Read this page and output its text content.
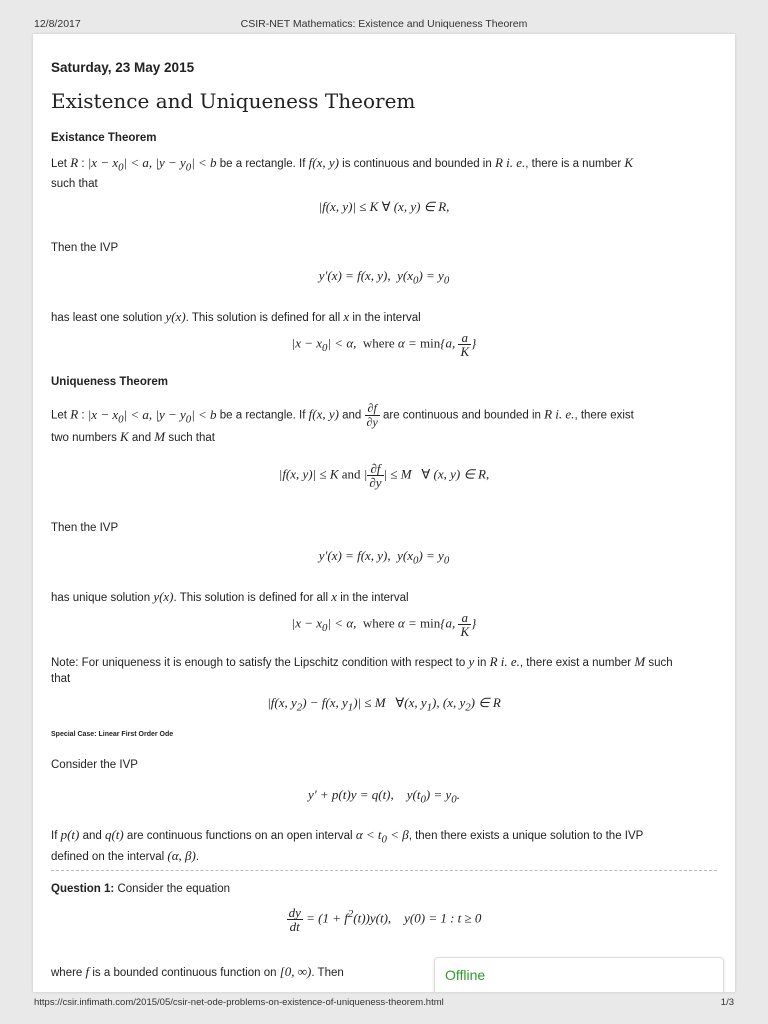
12/8/2017	CSIR-NET Mathematics: Existence and Uniqueness Theorem
Saturday, 23 May 2015
Existence and Uniqueness Theorem
Existance Theorem
Let R : $|x - x_0| < a$, $|y - y_0| < b$ be a rectangle. If f(x, y) is continuous and bounded in R i. e., there is a number K
such that
|f(x, y)| ≤ K ∀ (x, y) ∈ R,
Then the IVP
y′(x) = f(x, y),  $y(x_0) = y_0$
has least one solution y(x). This solution is defined for all x in the interval
$|x - x_0| < \alpha$,  where α = min{a, $\frac{a}{K}$ }
Uniqueness Theorem
Let R : $|x - x_0| < a$, $|y - y_0| < b$ be a rectangle. If f(x, y) and $\frac{\partial f}{\partial y}$ are continuous and bounded in R i. e., there exist
two numbers K and M such that
|f(x, y)| ≤ K and | $\frac{\partial f}{\partial y}$ | ≤ M   ∀ (x, y) ∈ R,
Then the IVP
y′(x) = f(x, y),  $y(x_0) = y_0$
has unique solution y(x). This solution is defined for all x in the interval
$|x - x_0| < \alpha$,  where α = min{a, $\frac{a}{K}$ }
Note: For uniqueness it is enough to satisfy the Lipschitz condition with respect to y in R i. e., there exist a number M such
that
|f(x, $y_2) - f(x$, $y_1)| \le M$   ∀(x, $y_1$), (x, $y_2$) ∈ R
Special Case: Linear First Order Ode
Consider the IVP
y′ + p(t)y = q(t),    $y(t_0) = y_0$.
If p(t) and q(t) are continuous functions on an open interval $\alpha < t_0 < \beta$, then there exists a unique solution to the IVP
defined on the interval (α, β).
Question 1: Consider the equation
$\frac{dy}{dt} = (1 + f^2(t))y(t)$,    y(0) = 1 : t ≥ 0
where f is a bounded continuous function on [0, ∞). Then	Offline
https://csir.infimath.com/2015/05/csir-net-ode-problems-on-existence-of-uniqueness-theorem.html	1/3
